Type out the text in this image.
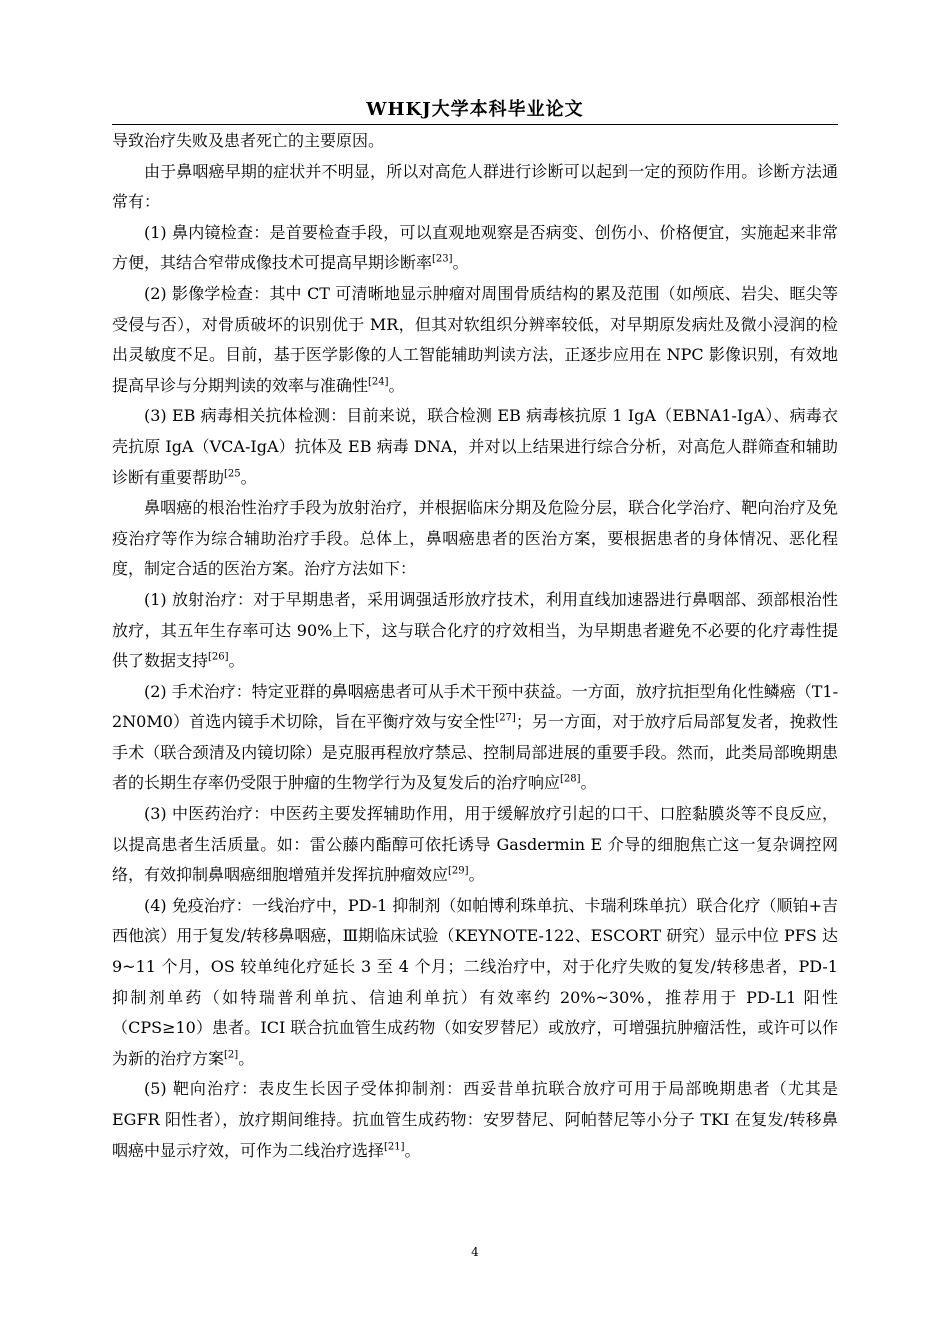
WHKJ大学本科毕业论文

导致治疗失败及患者死亡的主要原因。

由于鼻咽癌早期的症状并不明显，所以对高危人群进行诊断可以起到一定的预防作用。诊断方法通常有：

(1) 鼻内镜检查：是首要检查手段，可以直观地观察是否病变、创伤小、价格便宜，实施起来非常方便，其结合窄带成像技术可提高早期诊断率[23]。

(2) 影像学检查：其中 CT 可清晰地显示肿瘤对周围骨质结构的累及范围（如颅底、岩尖、眶尖等受侵与否），对骨质破坏的识别优于 MR，但其对软组织分辨率较低，对早期原发病灶及微小浸润的检出灵敏度不足。目前，基于医学影像的人工智能辅助判读方法，正逐步应用在 NPC 影像识别，有效地提高早诊与分期判读的效率与准确性[24]。

(3) EB 病毒相关抗体检测：目前来说，联合检测 EB 病毒核抗原 1 IgA（EBNA1-IgA）、病毒衣壳抗原 IgA（VCA-IgA）抗体及 EB 病毒 DNA，并对以上结果进行综合分析，对高危人群筛查和辅助诊断有重要帮助$^{[25}$。

鼻咽癌的根治性治疗手段为放射治疗，并根据临床分期及危险分层，联合化学治疗、靶向治疗及免疫治疗等作为综合辅助治疗手段。总体上，鼻咽癌患者的医治方案，要根据患者的身体情况、恶化程度，制定合适的医治方案。治疗方法如下：

(1) 放射治疗：对于早期患者，采用调强适形放疗技术，利用直线加速器进行鼻咽部、颈部根治性放疗，其五年生存率可达 90%上下，这与联合化疗的疗效相当，为早期患者避免不必要的化疗毒性提供了数据支持[26]。

(2) 手术治疗：特定亚群的鼻咽癌患者可从手术干预中获益。一方面，放疗抗拒型角化性鳞癌（T1-2N0M0）首选内镜手术切除，旨在平衡疗效与安全性[27]；另一方面，对于放疗后局部复发者，挽救性手术（联合颈清及内镜切除）是克服再程放疗禁忌、控制局部进展的重要手段。然而，此类局部晚期患者的长期生存率仍受限于肿瘤的生物学行为及复发后的治疗响应[28]。

(3) 中医药治疗：中医药主要发挥辅助作用，用于缓解放疗引起的口干、口腔黏膜炎等不良反应，以提高患者生活质量。如：雷公藤内酯醇可依托诱导 Gasdermin E 介导的细胞焦亡这一复杂调控网络，有效抑制鼻咽癌细胞增殖并发挥抗肿瘤效应[29]。

(4) 免疫治疗：一线治疗中，PD-1 抑制剂（如帕博利珠单抗、卡瑞利珠单抗）联合化疗（顺铂+吉西他滨）用于复发/转移鼻咽癌，Ⅲ期临床试验（KEYNOTE-122、ESCORT 研究）显示中位 PFS 达 9~11 个月，OS 较单纯化疗延长 3 至 4 个月；二线治疗中，对于化疗失败的复发/转移患者，PD-1 抑制剂单药（如特瑞普利单抗、信迪利单抗）有效率约 20%~30%，推荐用于 PD-L1 阳性（CPS≥10）患者。ICI 联合抗血管生成药物（如安罗替尼）或放疗，可增强抗肿瘤活性，或许可以作为新的治疗方案[2]。

(5) 靶向治疗：表皮生长因子受体抑制剂：西妥昔单抗联合放疗可用于局部晚期患者（尤其是 EGFR 阳性者），放疗期间维持。抗血管生成药物：安罗替尼、阿帕替尼等小分子 TKI 在复发/转移鼻咽癌中显示疗效，可作为二线治疗选择[21]。

4
